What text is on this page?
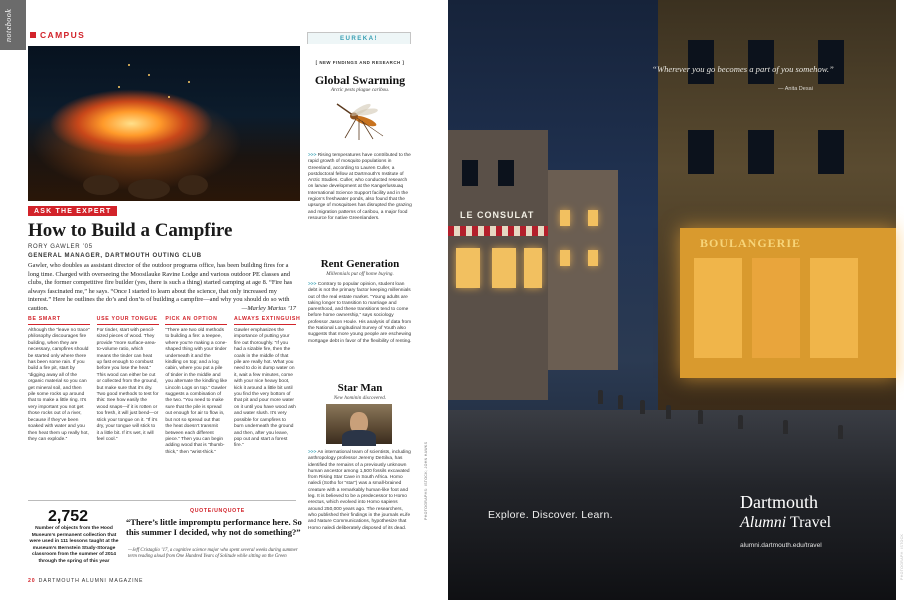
notebook	CAMPUS
ASK THE EXPERT
How to Build a Campfire
RORY GAWLER ’05
GENERAL MANAGER, DARTMOUTH OUTING CLUB
Gawler, who doubles as assistant director of the outdoor programs office, has been building fires for a long time. Charged with overseeing the Moosilauke Ravine Lodge and various outdoor PE classes and clubs, the former competitive fire builder (yes, there is such a thing) started camping at age 8. “Fire has always fascinated me,” he says. “Once I started to learn about the science, that only increased my interest.” Here he outlines the do’s and don’ts of building a campfire—and why you should do so with caution.	—Marley Marius ’17
BE SMART
Although the “leave no trace” philosophy discourages fire building, when they are necessary, campfires should be started only where there has been some rain. If you build a fire pit, start by “digging away all of the organic material so you can get mineral soil, and then pile some rocks up around that to make a little ring. It’s very important you not get those rocks out of a river, because if they’ve been soaked with water and you then heat them up really hot, they can explode.”
USE YOUR TONGUE
For tinder, start with pencil-sized pieces of wood. They provide “more surface-area-to-volume ratio, which means the tinder can heat up fast enough to combust before you lose the heat.” This wood can either be cut or collected from the ground, but make sure that it’s dry. Two good methods to test for this: See how easily the wood snaps—if it is rotten or too fresh, it will just bend—or stick your tongue on it. “If it’s dry, your tongue will stick to it a little bit. If it’s wet, it will feel cool.”
PICK AN OPTION
“There are two old methods to building a fire: a teepee, where you’re making a cone-shaped thing with your tinder underneath it and the kindling on top; and a log cabin, where you put a pile of tinder in the middle and you alternate the kindling like Lincoln Logs on top.” Gawler suggests a combination of the two. “You need to make sure that the pile is spread out enough for air to flow in, but not so spread out that the heat doesn’t transmit between each different piece.” Then you can begin adding wood that is “thumb-thick,” then “wrist-thick.”
ALWAYS EXTINGUISH
Gawler emphasizes the importance of putting your fire out thoroughly. “If you had a sizable fire, then the coals in the middle of that pile are really hot. What you need to do is dump water on it, wait a few minutes, come with your nice heavy boot, kick it around a little bit until you find the very bottom of that pit and pour more water on it until you have wood ash and water slush. It’s very possible for campfires to burn underneath the ground and then, after you leave, pop out and start a forest fire.”
2,752
Number of objects from the Hood Museum’s permanent collection that were used in 111 lessons taught at the museum’s Bernstein Study-Storage classroom from the summer of 2014 through the spring of this year
QUOTE/UNQUOTE
“There’s little impromptu performance here. So this summer I decided, why not do something?”
—Jeff Cristaglio ’17, a cognitive science major who spent several weeks during summer term reading aloud from One Hundred Years of Solitude while sitting on the Green
20 DARTMOUTH ALUMNI MAGAZINE
EUREKA!
[ NEW FINDINGS AND RESEARCH ]
Global Swarming
Arctic pests plague caribou.
>>> Rising temperatures have contributed to the rapid growth of mosquito populations in Greenland, according to Lauren Culler, a postdoctoral fellow at Dartmouth’s Institute of Arctic Studies. Culler, who conducted research on larvae development at the Kangerlussuaq International Science Support facility and in the region’s freshwater ponds, also found that the upsurge of mosquitoes has disrupted the grazing and migration patterns of caribou, a major food resource for native Greenlanders.
Rent Generation
Millennials put off home buying.
>>> Contrary to popular opinion, student loan debt is not the primary factor keeping millennials out of the real estate market. “Young adults are taking longer to transition to marriage and parenthood, and these transitions tend to come before home ownership,” says sociology professor Jason Houle. His analysis of data from the National Longitudinal Survey of Youth also suggests that more young people are eschewing mortgage debt in favor of the flexibility of renting.
Star Man
New hominin discovered.
>>> An international team of scientists, including anthropology professor Jeremy DeSilva, has identified the remains of a previously unknown human ancestor among 1,500 fossils excavated from Rising Star Cave in South Africa. Homo naledi (Sotho for “star”) was a small-brained creature with a remarkably human-like foot and leg. It is believed to be a predecessor to Homo erectus, which evolved into Homo sapiens around 250,000 years ago. The researchers, who published their findings in the journals eLife and Nature Communications, hypothesize that Homo naledi deliberately disposed of its dead.
PHOTOGRAPHS: ISTOCK; JOHN HAWKS
LE CONSULAT
BOULANGERIE
“Wherever you go becomes a part of you somehow.”
— Anita Desai
Explore. Discover. Learn.
Dartmouth
Alumni Travel
alumni.dartmouth.edu/travel	PHOTOGRAPH: ISTOCK
